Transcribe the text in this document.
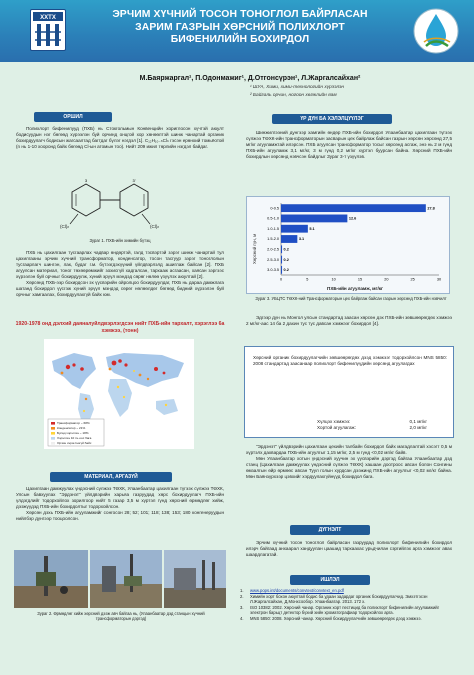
ХХТХ	ЭРЧИМ ХҮЧНИЙ ТОСОН ТОНОГЛОЛ БАЙРЛАСАН
ЗАРИМ ГАЗРЫН ХӨРСНИЙ ПОЛИХЛОРТ
БИФЕНИЛИЙН БОХИРДОЛ
М.Баяржаргал¹, П.Одонмажиг¹, Д.Отгонсүрэн¹, Л.Жаргалсайхан²
¹ ШУА, Хими, хими-технологийн хүрээлэн
² Байгаль орчин, ногоон хөгжлийн яам
ОРШИЛ

Полихлорт бифенилууд (ПХБ) нь Стокгольмын Конвенцийн хориглосон хүчтэй аюулт бодисуудын нэг бөгөөд хүрээлэн буй орчинд онцгой хор хөнөөлтэй шинж чанартай органик бохирдуулагч бодисын жагсаалтад багтдаг бүлэг нэгдэл [1]. C₁₂H₁₀₋ₙClₙ гэсэн ерөнхий томьёотой (n нь 1-10 хооронд байх бөгөөд Cl-ын атомын тоо). Нийт 209 ижил төрлийн нэгдэл байдаг.

3	3'
(Cl)ₙ	(Cl)ₙ
Зураг 1. ПХБ-ийн химийн бүтэц

ПХБ нь цахилгаан тусгаарлах чадвар өндөртэй, галд тэсвэртэй зэрэг шинж чанартай тул цахилгааны эрчим хүчний трансформатор, конденсатор, тосон тасгуур зэрэг тоноглолын тусгаарлагч шингэн, лак, будаг г.м. бүтээгдэхүүний үйлдвэрлэлд ашиглаж байсан [2]. ПХБ агуулсан материал, тоног төхөөрөмжийг зохисгүй хадгалсан, тархааж асгаасан, хаясан зэргээс хүрээлэн буй орчныг бохирдуулж, хүний эрүүл мэндэд сөрөг нөлөө үзүүлэх аюултай [2].

Хөрсөнд ПХБ-ээр бохирдсон эх үүсвэрийн ойролцоо бохирдуулдаг, ПХБ нь дараа дамжлага шатанд бохирдол үүсгэж хүний эрүүл мэндэд сөрөг нөлөөлдөг бөгөөд бидний хүрээлэн буй орчныг хамгаалах, бохирдуулахгүй байх юм.

1920-1978 онд дэлхий даяналуйлдвэрлэгдсэн нийт ПХБ-ийн тархалт, хэрэглээ 6а хэмжээ, (тонн)
Трансформатор ~ 68%
Конденсатор ~ 21%
Бусад хэрэглээ ~ 18%
Хэрэглээ 10 тн-оос бага
Орчин хэрэглээгүй байх
МАТЕРИАЛ, АРГАЗҮЙ

Цахилгаан дамжуулах үндэсний сүлжээ ТӨХК, Улаанбаатар цахилгаан түгээх сүлжээ ТӨХК, Улсын бавхуулах "Эрдэнэт" үйлдвэрийн харьяа газруудад хөрс бохирдуулагч ПХБ-ийн үлдэгдлийг тодорхойлох зорилгоор нийт 5 газар 3,5 м хүртэл гүнд хөрсний өрмөдлөг хийж, дээжүүдэд ПХБ-ийн бохирдолтыг тодорхойлсон.

Хөрсөн дэхь ПХБ-ийн агууламжийг сонгосон 28; 52; 101; 118; 138; 153; 180 конгенеруудын нийлбэр дүнгээр тооцоолсон.

Зураг 2. Өрмөдлөг хийж хөрсний дээж авч байгаа нь, (Улаанбаатар дэд станцын хүчний трансформаторын дэргэд)
ҮР ДҮН БА ХЭЛЭЛЦҮҮЛЭГ

Шинжилгээний дүнгээр хамгийн өндөр ПХБ-ийн бохирдол Улаанбаатар цахилгаан түгээх сүлжээ ТӨХК-ийн трансформаторын засварын цех байрлаж байсан газрын хөрсөн хөрсөнд 27,5 мг/кг агууламжтай илэрсэн. ПХБ агуулсан трансформатор тосыг хөрсөнд асгаж, энэ нь 2 м гүнд ПХБ-ийн агууламж 3,1 мг/кг, 3 м гүнд 0,2 мг/кг хүртэл буурсан байна. Хөрсний ПХБ-ийн бохирдлын хөрсөнд нэвчсэн байдлыг Зураг 3-т үзүүлэв.

Хөрсний гүн, м
ПХБ-ийн агууламж, мг/кг
0-0.5	27.8
0.5-1.0	12.6
1.0-1.5	5.1
1.5-2.0	3.1
2.0-2.5 0.2
2.5-3.0 0.2
3.0-3.5 0.2
0	5	10	15	20	25	30
Зураг 3. УБЦТС ТӨХК-ний Трансформаторын цех байрлаж байсан газрын хөрсөнд ПХБ-ийн нэвчилт

Эдгээр дүн нь Монгол улсын стандартад заасан хөрсөн дэх ПХБ-ийн зөвшөөрөгдөх хэмжээ 2 мг/кг-аас 14 ба 2 дахин тус тус давсан хэмжээг бохирдол [4].

Хөрсний органик бохирдуулагчийн зөвшөөрөгдөх дээд хэмжээг тодорхойлсон MNS 5850: 2008 стандартад заасанаар полихлорт бифенилүүдийн хөрсөнд агуулагдах
Хүлцэх хэмжээ:	0,1 мг/кг
Хортой агуулагаж:	2,0 мг/кг

"Эрдэнэт" үйлдвэрийн цахилгаан цехийн талбайн бохирдол байх магадлалтай хэсэгт 0,5 м хүртэлх дахвардаа ПХБ-ийн агуулгыг 1,15 мг/кг, 2,5 м гүнд <0,02 мг/кг байв.

Мөн Улаанбаатар хотын үндэсний хуучин эх үүсвэрийн дэргэд байгаа Улаанбаатар дэд станц (Цахилгаан дамжуулах үндэсний сүлжээ ТӨХК) хашаан доотроос авсан болон Сонгины өмзалгын өйр өрмөөс авсан Туул голын хурдсан дээжинд ПХБ-ийн агуулгыг <0,02 мг/кг байна. Мөн Баянзүрхээр цэвхийг хэрдуулахгүйнүүд бохирдол бага.

ДҮГНЭЛТ

Эрчим хүчний тосон тоноглол байрласан газруудад полихлорт бифенилийн бохирдол илэрч байгаад анхаарал хандуулан цаашид тархаахас урьдчилан сэргийлэх арга хэмжээг авах шаардлагатай.

ИШЛЭЛ
1. www.pops.int/documents/convtext/convtext_en.pdf
2.	Химийн хорт бохон аюултай бодис ба удаан задардаг органик бохирдуулагчид. Эмхэтгэсэн Л.Жаргалсайхан, Д.Монхсообор. Улаанбаатар. 2013. 172 х.
3.	ISO 10382: 2002. Хөрсний чанар. Органик хорт пестицид ба полихлорт бифенилийн агууламжийг электрон барьцт детектор бүхий хийн хроматографиар тодорхойлох арга.
4.	MNS 5850: 2008. Хөрсний чанар. Хөрсний бохирдуулагчийн зөвшөөрөгдөх дээд хэмжээ.
